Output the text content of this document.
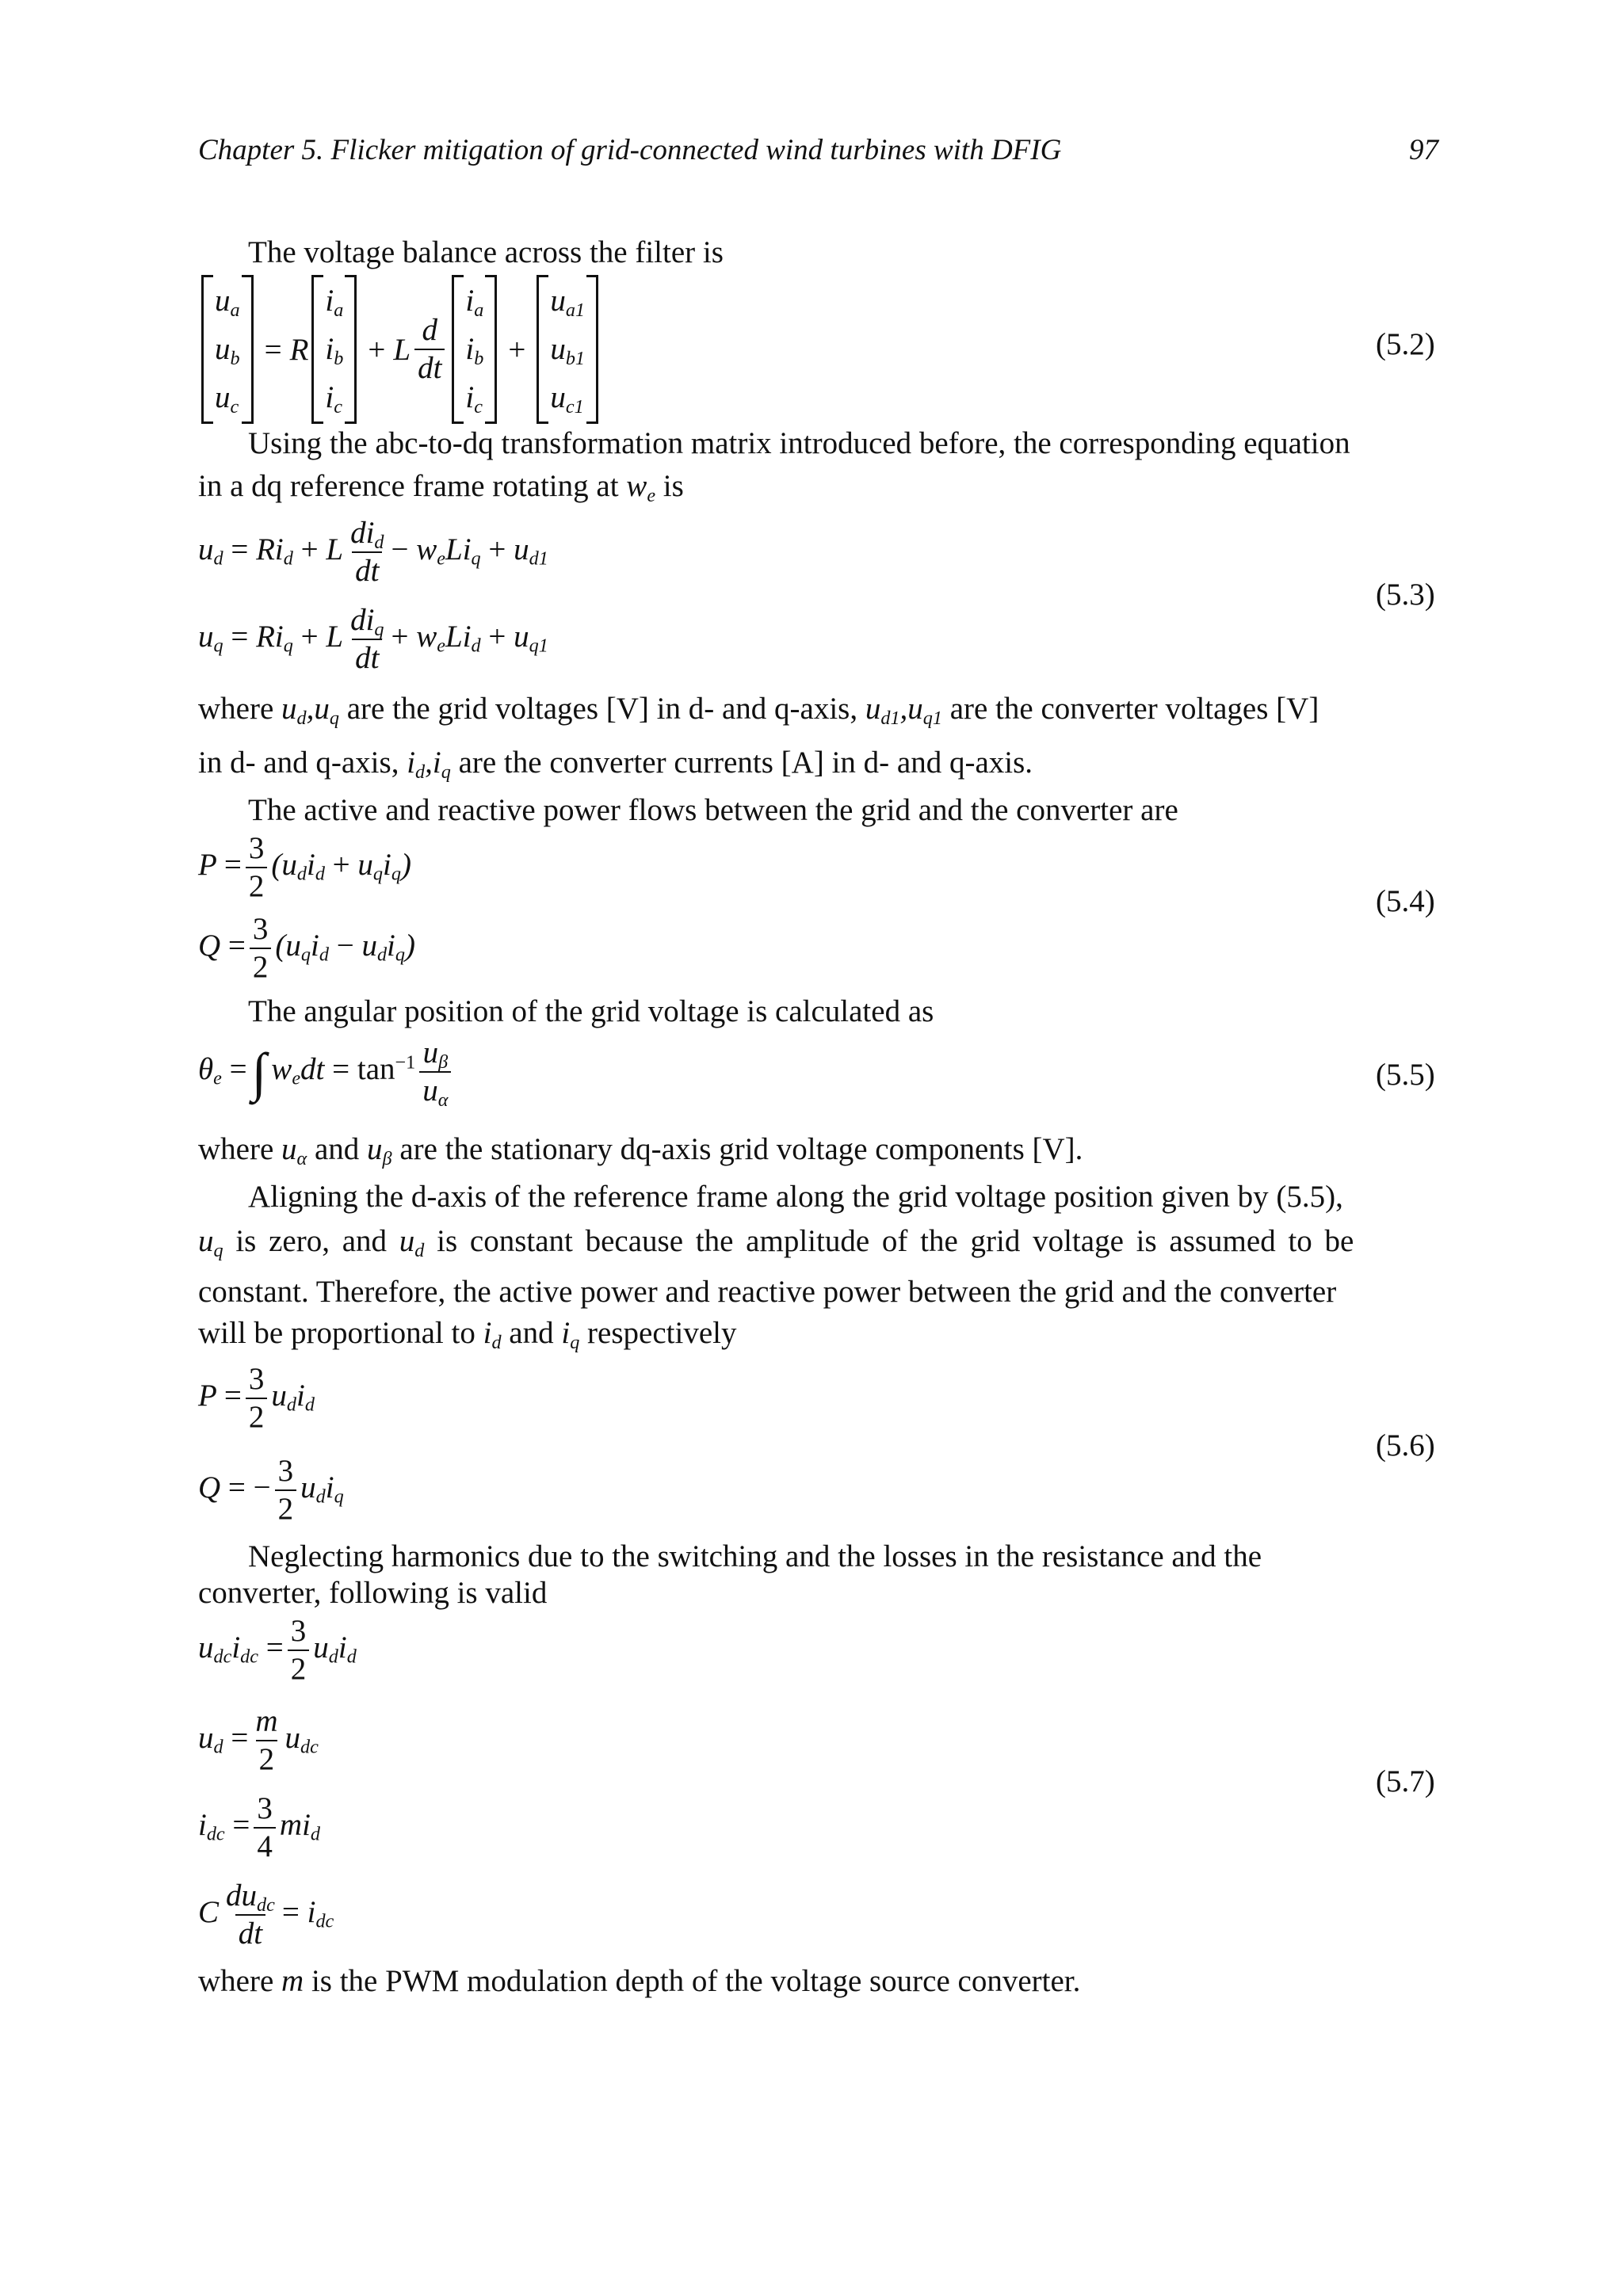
Chapter 5. Flicker mitigation of grid-connected wind turbines with DFIG	97
The voltage balance across the filter is
$u_a$
$u_b$
$u_c$
= R
$i_a$
$i_b$
$i_c$
+ L
d
dt
$i_a$
$i_b$
$i_c$
+
$u_{a1}$
$u_{b1}$
$u_{c1}$
(5.2)
Using the abc-to-dq transformation matrix introduced before, the corresponding equation
in a dq reference frame rotating at $w_e$ is
$u_d = Ri_d + L$ $di_d$
dt
− $w_eLi_q + u_{d1}$
$u_q = Ri_q + L$ $di_q$
dt
+ $w_eLi_d + u_{q1}$
(5.3)
where $u_d,u_q$ are the grid voltages [V] in d- and q-axis, $u_{d1},u_{q1}$ are the converter voltages [V]
in d- and q-axis, $i_d,i_q$ are the converter currents [A] in d- and q-axis.
The active and reactive power flows between the grid and the converter are
$P = \frac{3}{2} (u_di_d + u_qi_q)$
$Q = \frac{3}{2} (u_qi_d - u_di_q)$
(5.4)
The angular position of the grid voltage is calculated as
$\theta_e$ =∫ $w_edt = \tan^{-1} \frac{u_\beta}{u_\alpha}$	(5.5)
where $u_\alpha$ and $u_\beta$ are the stationary dq-axis grid voltage components [V].
Aligning the d-axis of the reference frame along the grid voltage position given by (5.5),
$u_q$ is zero, and $u_d$ is constant because the amplitude of the grid voltage is assumed to be
constant. Therefore, the active power and reactive power between the grid and the converter
will be proportional to $i_d$ and $i_q$ respectively
$P = \frac{3}{2} u_di_d$
Q = − $\frac{3}{2} u_di_q$
(5.6)
Neglecting harmonics due to the switching and the losses in the resistance and the
converter, following is valid
$u_{dc}i_{dc} = \frac{3}{2} u_di_d$
$u_d = \frac{m}{2} u_{dc}$
$i_{dc} = \frac{3}{4} mi_d$
C $du_{dc}$
dt
= $i_{dc}$
(5.7)
where m is the PWM modulation depth of the voltage source converter.
